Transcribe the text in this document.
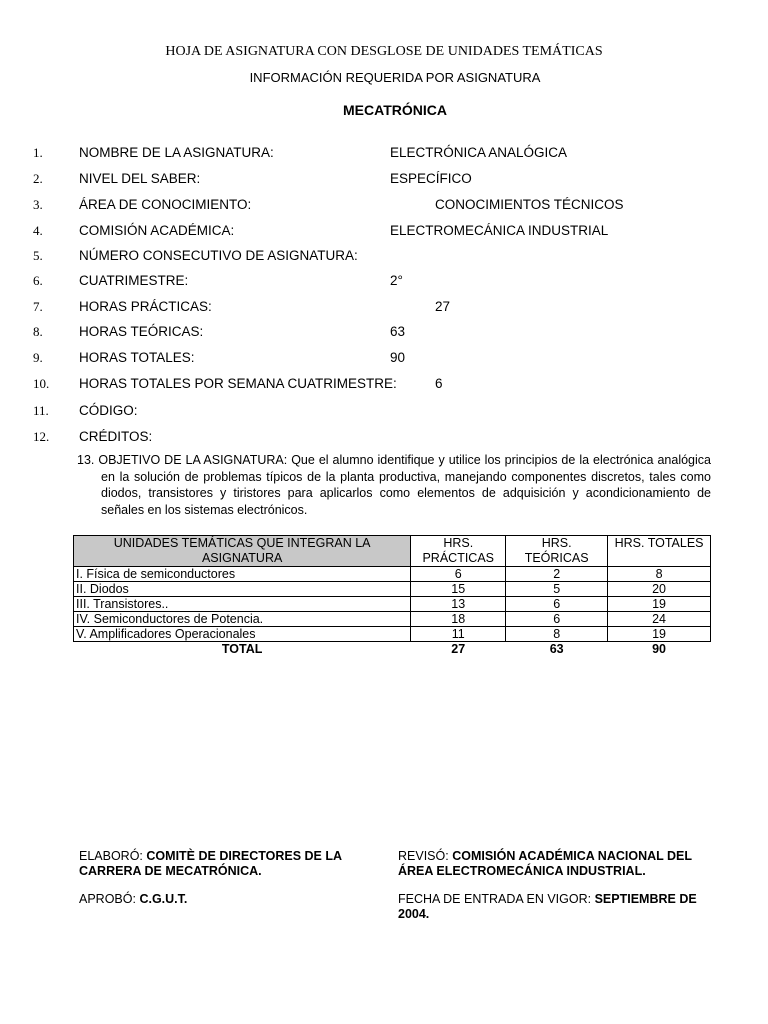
HOJA DE ASIGNATURA CON DESGLOSE DE UNIDADES TEMÁTICAS
INFORMACIÓN REQUERIDA POR ASIGNATURA
MECATRÓNICA
1.	NOMBRE DE LA ASIGNATURA:	ELECTRÓNICA ANALÓGICA
2.	NIVEL DEL SABER:	ESPECÍFICO
3.	ÁREA DE CONOCIMIENTO:	CONOCIMIENTOS TÉCNICOS
4.	COMISIÓN ACADÉMICA:	ELECTROMECÁNICA INDUSTRIAL
5.	NÚMERO CONSECUTIVO DE ASIGNATURA:
6.	CUATRIMESTRE:	2°
7.	HORAS PRÁCTICAS:	27
8.	HORAS TEÓRICAS:	63
9.	HORAS TOTALES:	90
10. HORAS TOTALES POR SEMANA CUATRIMESTRE:	6
11. CÓDIGO:
12. CRÉDITOS:
13. OBJETIVO DE LA ASIGNATURA: Que el alumno identifique y utilice los principios de la electrónica analógica en la solución de problemas típicos de la planta productiva, manejando componentes discretos, tales como diodos, transistores y tiristores para aplicarlos como elementos de adquisición y acondicionamiento de señales en los sistemas electrónicos.
UNIDADES TEMÁTICAS QUE INTEGRAN LA ASIGNATURA	HRS. PRÁCTICAS	HRS. TEÓRICAS	HRS. TOTALES
I. Física de semiconductores	6	2	8
II. Diodos	15	5	20
III. Transistores..	13	6	19
IV. Semiconductores de Potencia.	18	6	24
V. Amplificadores Operacionales	11	8	19
TOTAL	27	63	90
ELABORÓ: COMITÈ DE DIRECTORES DE LA CARRERA DE MECATRÓNICA.
REVISÓ: COMISIÓN ACADÉMICA NACIONAL DEL ÁREA ELECTROMECÁNICA INDUSTRIAL.
APROBÓ: C.G.U.T.	FECHA DE ENTRADA EN VIGOR: SEPTIEMBRE DE 2004.
